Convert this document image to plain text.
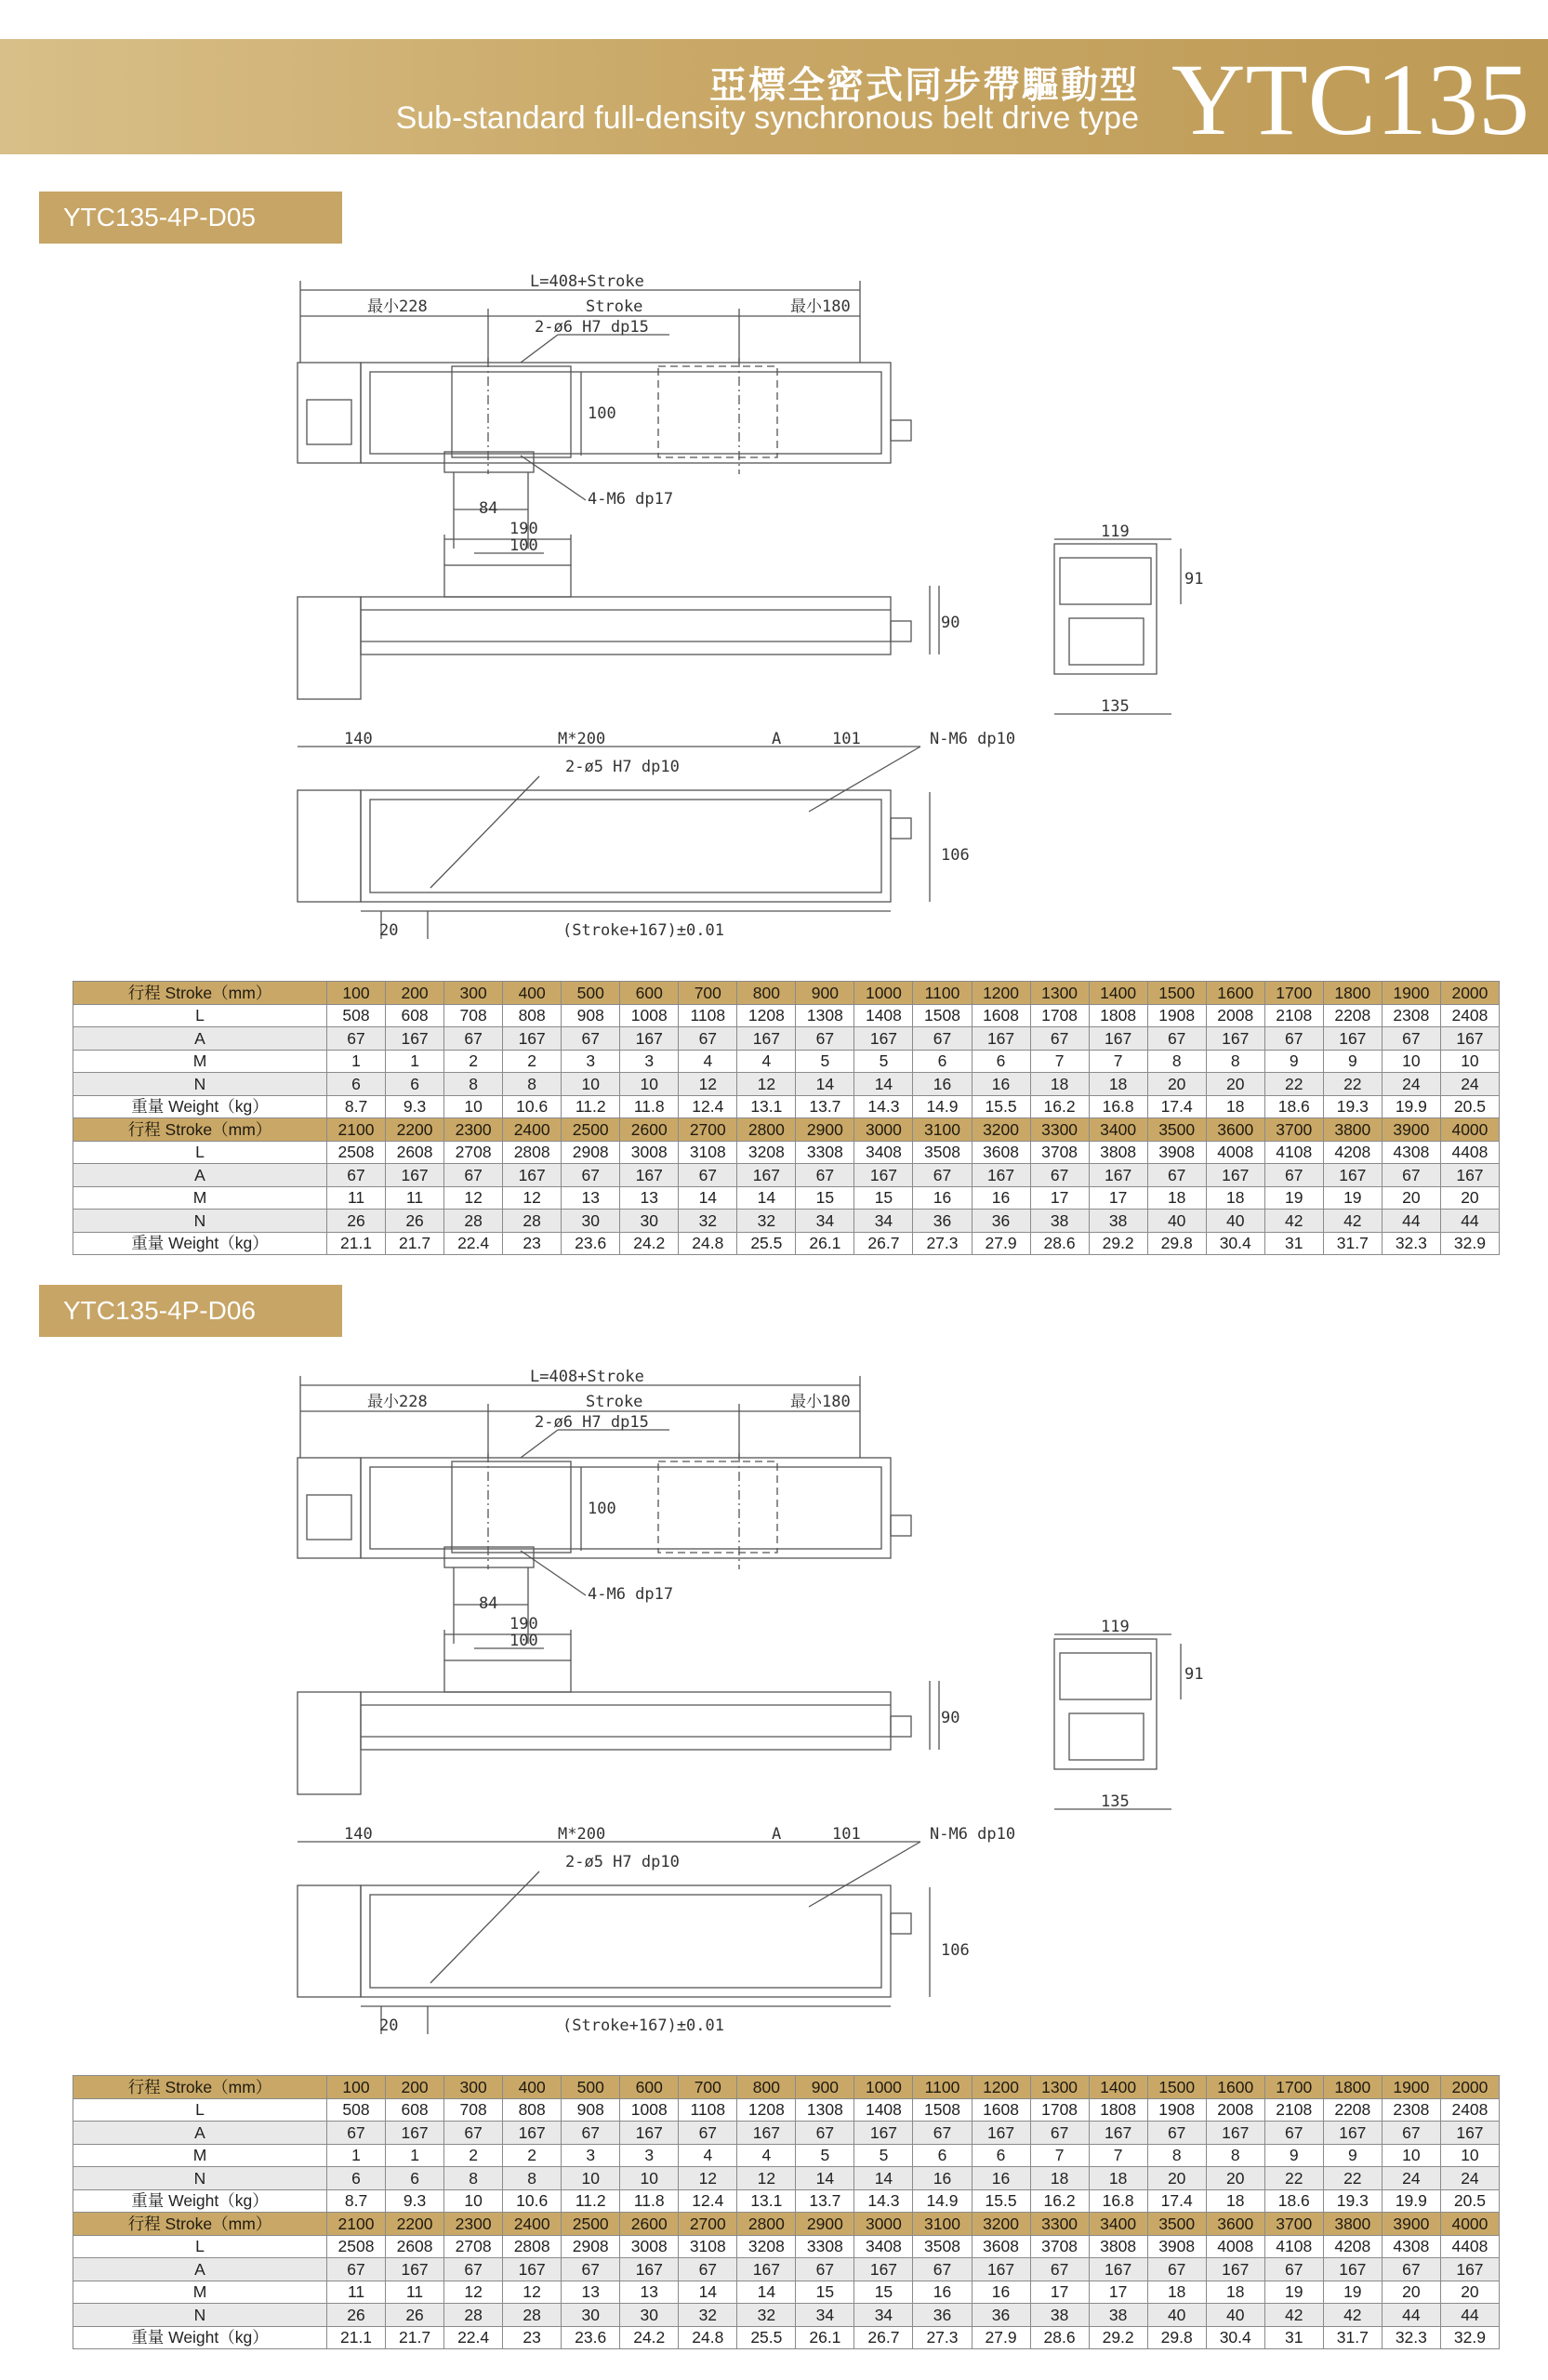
亞標全密式同步帶驅動型
Sub-standard full-density synchronous belt drive type YTC135
YTC135-4P-D05
L=408+Stroke
最小228	Stroke	最小180
2-ø6 H7 dp15
100
84	4-M6 dp17
190
100
90
119
91
135
140	M*200	A	101	N-M6 dp10
2-ø5 H7 dp10
106
20	(Stroke+167)±0.01
行程 Stroke（mm）	100	200	300	400	500	600	700	800	900	1000	1100	1200	1300	1400	1500	1600	1700	1800	1900	2000
L	508	608	708	808	908	1008	1108	1208	1308	1408	1508	1608	1708	1808	1908	2008	2108	2208	2308	2408
A	67	167	67	167	67	167	67	167	67	167	67	167	67	167	67	167	67	167	67	167
M	1	1	2	2	3	3	4	4	5	5	6	6	7	7	8	8	9	9	10	10
N	6	6	8	8	10	10	12	12	14	14	16	16	18	18	20	20	22	22	24	24
重量 Weight（kg）	8.7	9.3	10	10.6	11.2	11.8	12.4	13.1	13.7	14.3	14.9	15.5	16.2	16.8	17.4	18	18.6	19.3	19.9	20.5
行程 Stroke（mm）	2100	2200	2300	2400	2500	2600	2700	2800	2900	3000	3100	3200	3300	3400	3500	3600	3700	3800	3900	4000
L	2508	2608	2708	2808	2908	3008	3108	3208	3308	3408	3508	3608	3708	3808	3908	4008	4108	4208	4308	4408
A	67	167	67	167	67	167	67	167	67	167	67	167	67	167	67	167	67	167	67	167
M	11	11	12	12	13	13	14	14	15	15	16	16	17	17	18	18	19	19	20	20
N	26	26	28	28	30	30	32	32	34	34	36	36	38	38	40	40	42	42	44	44
重量 Weight（kg）	21.1	21.7	22.4	23	23.6	24.2	24.8	25.5	26.1	26.7	27.3	27.9	28.6	29.2	29.8	30.4	31	31.7	32.3	32.9
YTC135-4P-D06
L=408+Stroke
最小228	Stroke	最小180
2-ø6 H7 dp15
100
84	4-M6 dp17
190
100
90
119
91
135
140	M*200	A	101	N-M6 dp10
2-ø5 H7 dp10
106
20	(Stroke+167)±0.01
行程 Stroke（mm）	100	200	300	400	500	600	700	800	900	1000	1100	1200	1300	1400	1500	1600	1700	1800	1900	2000
L	508	608	708	808	908	1008	1108	1208	1308	1408	1508	1608	1708	1808	1908	2008	2108	2208	2308	2408
A	67	167	67	167	67	167	67	167	67	167	67	167	67	167	67	167	67	167	67	167
M	1	1	2	2	3	3	4	4	5	5	6	6	7	7	8	8	9	9	10	10
N	6	6	8	8	10	10	12	12	14	14	16	16	18	18	20	20	22	22	24	24
重量 Weight（kg）	8.7	9.3	10	10.6	11.2	11.8	12.4	13.1	13.7	14.3	14.9	15.5	16.2	16.8	17.4	18	18.6	19.3	19.9	20.5
行程 Stroke（mm）	2100	2200	2300	2400	2500	2600	2700	2800	2900	3000	3100	3200	3300	3400	3500	3600	3700	3800	3900	4000
L	2508	2608	2708	2808	2908	3008	3108	3208	3308	3408	3508	3608	3708	3808	3908	4008	4108	4208	4308	4408
A	67	167	67	167	67	167	67	167	67	167	67	167	67	167	67	167	67	167	67	167
M	11	11	12	12	13	13	14	14	15	15	16	16	17	17	18	18	19	19	20	20
N	26	26	28	28	30	30	32	32	34	34	36	36	38	38	40	40	42	42	44	44
重量 Weight（kg）	21.1	21.7	22.4	23	23.6	24.2	24.8	25.5	26.1	26.7	27.3	27.9	28.6	29.2	29.8	30.4	31	31.7	32.3	32.9
